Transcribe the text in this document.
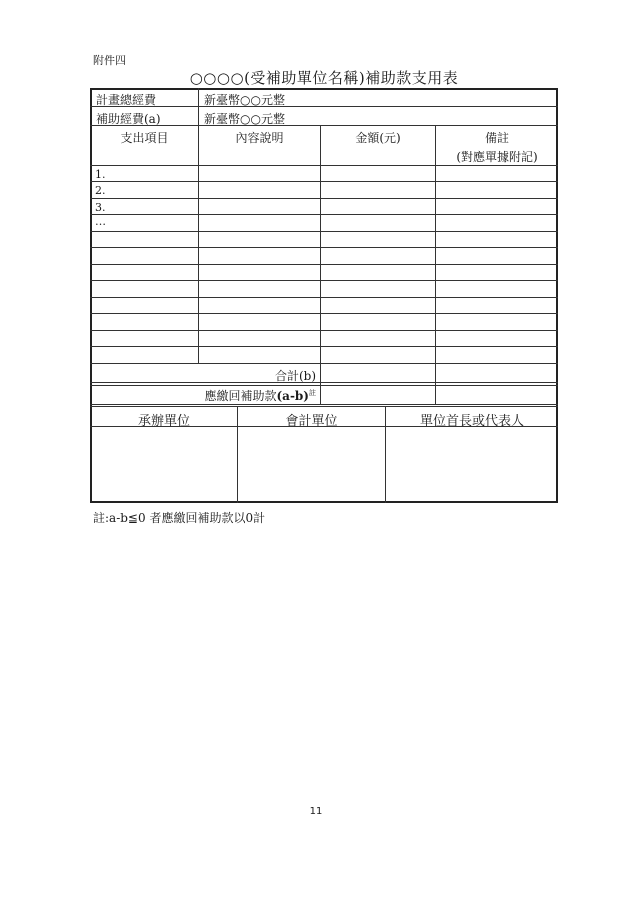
附件四
○○○○(受補助單位名稱)補助款支用表
計畫總經費	新臺幣○○元整
補助經費(a)	新臺幣○○元整
支出項目	內容說明	金額(元)	備註
(對應單據附記)
1.
2.
3.
…
合計(b)
應繳回補助款$(a-b)^註$
承辦單位	會計單位	單位首長或代表人
註:a-b≦0 者應繳回補助款以0計
11
